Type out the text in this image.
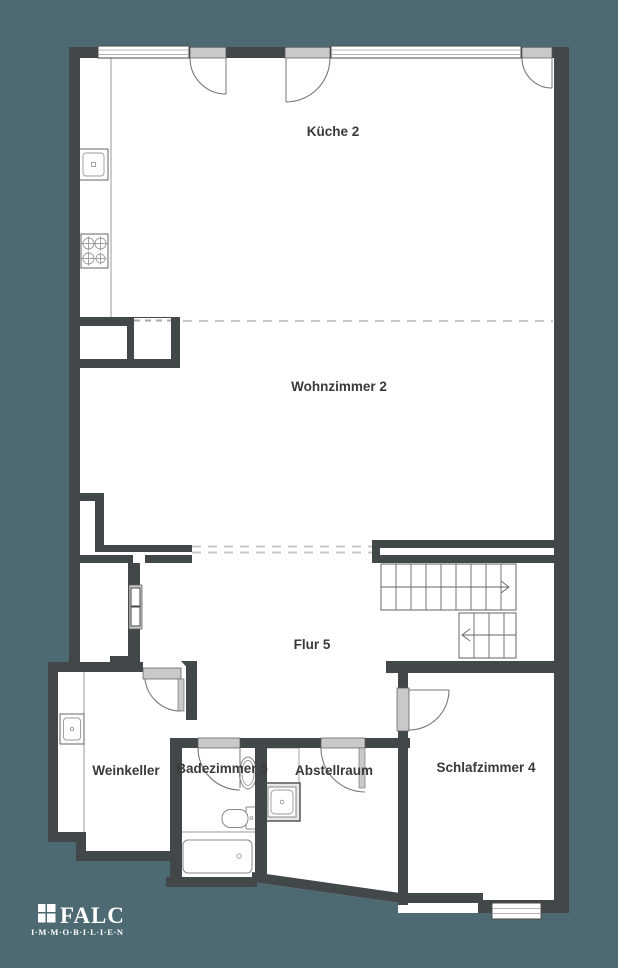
Küche 2
Wohnzimmer 2
Flur 5
Weinkeller Badezimmer 5 Abstellraum	Schlafzimmer 4
FALC
I·M·M·O·B·I·L·I·E·N
